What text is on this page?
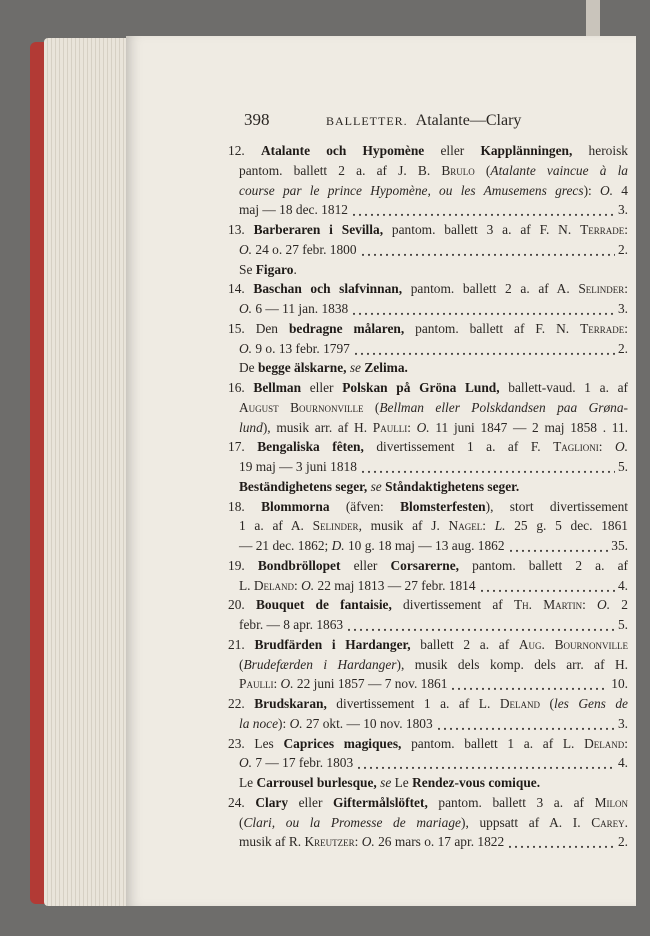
398	BALLETTER. Atalante—Clary
12. Atalante och Hypomène eller Kapplänningen, heroisk
pantom. ballett 2 a. af J. B. Brulo (Atalante vaincue à la
course par le prince Hypomène, ou les Amusemens grecs): O. 4
maj — 18 dec. 1812	3.
13. Barberaren i Sevilla, pantom. ballett 3 a. af F. N. Terrade:
O. 24 o. 27 febr. 1800	2.
Se Figaro.
14. Baschan och slafvinnan, pantom. ballett 2 a. af A. Selinder:
O. 6 — 11 jan. 1838	3.
15. Den bedragne målaren, pantom. ballett af F. N. Terrade:
O. 9 o. 13 febr. 1797	2.
De begge älskarne, se Zelima.
16. Bellman eller Polskan på Gröna Lund, ballett-vaud. 1 a. af
August Bournonville (Bellman eller Polskdandsen paa Grøna-
lund), musik arr. af H. Paulli: O. 11 juni 1847 — 2 maj 1858 . 11.
17. Bengaliska fêten, divertissement 1 a. af F. Taglioni: O.
19 maj — 3 juni 1818	5.
Beständighetens seger, se Ståndaktighetens seger.
18. Blommorna (äfven: Blomsterfesten), stort divertissement
1 a. af A. Selinder, musik af J. Nagel: L. 25 g. 5 dec. 1861
— 21 dec. 1862; D. 10 g. 18 maj — 13 aug. 1862	35.
19. Bondbröllopet eller Corsarerne, pantom. ballett 2 a. af
L. Deland: O. 22 maj 1813 — 27 febr. 1814	4.
20. Bouquet de fantaisie, divertissement af Th. Martin: O. 2
febr. — 8 apr. 1863	5.
21. Brudfärden i Hardanger, ballett 2 a. af Aug. Bournonville
(Brudefærden i Hardanger), musik dels komp. dels arr. af H.
Paulli: O. 22 juni 1857 — 7 nov. 1861	10.
22. Brudskaran, divertissement 1 a. af L. Deland (les Gens de
la noce): O. 27 okt. — 10 nov. 1803	3.
23. Les Caprices magiques, pantom. ballett 1 a. af L. Deland:
O. 7 — 17 febr. 1803	4.
Le Carrousel burlesque, se Le Rendez-vous comique.
24. Clary eller Giftermålslöftet, pantom. ballett 3 a. af Milon
(Clari, ou la Promesse de mariage), uppsatt af A. I. Carey.
musik af R. Kreutzer: O. 26 mars o. 17 apr. 1822	2.
